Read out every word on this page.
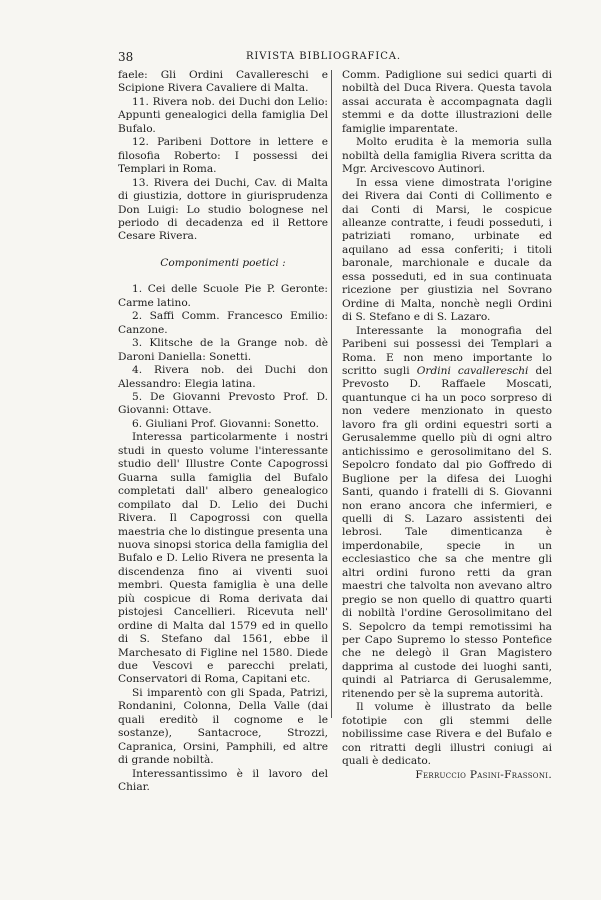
38	RIVISTA BIBLIOGRAFICA.

faele: Gli Ordini Cavallereschi e Scipione Rivera Cavaliere di Malta.

11. Rivera nob. dei Duchi don Lelio: Appunti genealogici della famiglia Del Bufalo.

12. Paribeni Dottore in lettere e filosofia Roberto: I possessi dei Templari in Roma.

13. Rivera dei Duchi, Cav. di Malta di giustizia, dottore in giurisprudenza Don Luigi: Lo studio bolognese nel periodo di decadenza ed il Rettore Cesare Rivera.

Componimenti poetici :

1. Cei delle Scuole Pie P. Geronte: Carme latino.

2. Saffi Comm. Francesco Emilio: Canzone.

3. Klitsche de la Grange nob. dè Daroni Daniella: Sonetti.

4. Rivera nob. dei Duchi don Alessandro: Elegia latina.

5. De Giovanni Prevosto Prof. D. Giovanni: Ottave.

6. Giuliani Prof. Giovanni: Sonetto.

Interessa particolarmente i nostri studi in questo volume l'interessante studio dell' Illustre Conte Capogrossi Guarna sulla famiglia del Bufalo completati dall' albero genealogico compilato dal D. Lelio dei Duchi Rivera. Il Capogrossi con quella maestria che lo distingue presenta una nuova sinopsi storica della famiglia del Bufalo e D. Lelio Rivera ne presenta la discendenza fino ai viventi suoi membri. Questa famiglia è una delle più cospicue di Roma derivata dai pistojesi Cancellieri. Ricevuta nell' ordine di Malta dal 1579 ed in quello di S. Stefano dal 1561, ebbe il Marchesato di Figline nel 1580. Diede due Vescovi e parecchi prelati, Conservatori di Roma, Capitani etc.

Si imparentò con gli Spada, Patrizi, Rondanini, Colonna, Della Valle (dai quali ereditò il cognome e le sostanze), Santacroce, Strozzi, Capranica, Orsini, Pamphili, ed altre di grande nobiltà.

Interessantissimo è il lavoro del Chiar.

Comm. Padiglione sui sedici quarti di nobiltà del Duca Rivera. Questa tavola assai accurata è accompagnata dagli stemmi e da dotte illustrazioni delle famiglie imparentate.

Molto erudita è la memoria sulla nobiltà della famiglia Rivera scritta da Mgr. Arcivescovo Autinori.

In essa viene dimostrata l'origine dei Rivera dai Conti di Collimento e dai Conti di Marsi, le cospicue alleanze contratte, i feudi posseduti, i patriziati romano, urbinate ed aquilano ad essa conferiti; i titoli baronale, marchionale e ducale da essa posseduti, ed in sua continuata ricezione per giustizia nel Sovrano Ordine di Malta, nonchè negli Ordini di S. Stefano e di S. Lazaro.

Interessante la monografia del Paribeni sui possessi dei Templari a Roma. E non meno importante lo scritto sugli Ordini cavallereschi del Prevosto D. Raffaele Moscati, quantunque ci ha un poco sorpreso di non vedere menzionato in questo lavoro fra gli ordini equestri sorti a Gerusalemme quello più di ogni altro antichissimo e gerosolimitano del S. Sepolcro fondato dal pio Goffredo di Buglione per la difesa dei Luoghi Santi, quando i fratelli di S. Giovanni non erano ancora che infermieri, e quelli di S. Lazaro assistenti dei lebrosi. Tale dimenticanza è imperdonabile, specie in un ecclesiastico che sa che mentre gli altri ordini furono retti da gran maestri che talvolta non avevano altro pregio se non quello di quattro quarti di nobiltà l'ordine Gerosolimitano del S. Sepolcro da tempi remotissimi ha per Capo Supremo lo stesso Pontefice che ne delegò il Gran Magistero dapprima al custode dei luoghi santi, quindi al Patriarca di Gerusalemme, ritenendo per sè la suprema autorità.

Il volume è illustrato da belle fototipie con gli stemmi delle nobilissime case Rivera e del Bufalo e con ritratti degli illustri coniugi ai quali è dedicato.

Ferruccio Pasini-Frassoni.
